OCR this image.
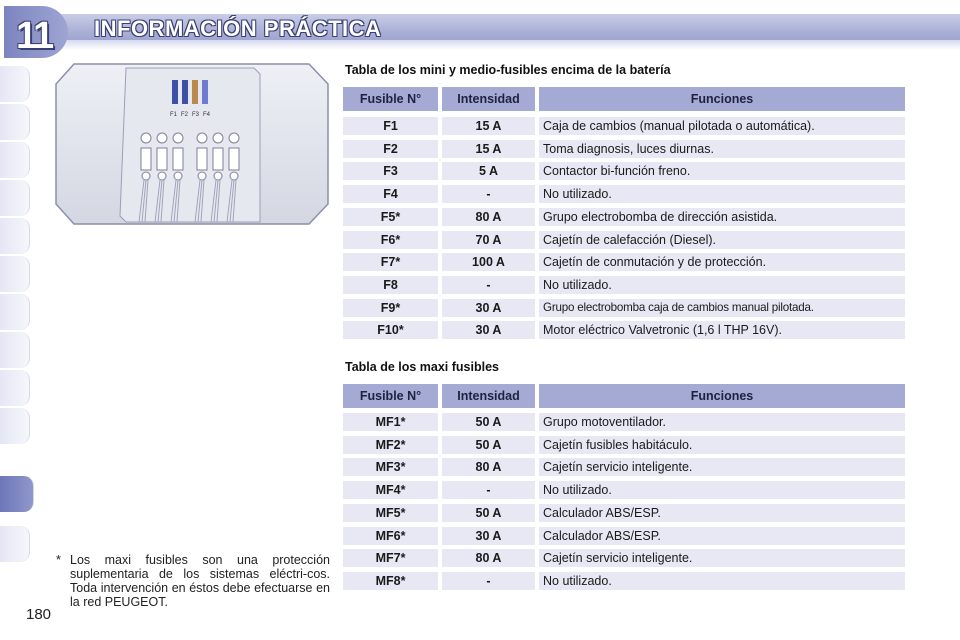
11 INFORMACIÓN PRÁCTICA
F1 F2 F3 F4
Tabla de los mini y medio-fusibles encima de la batería
Fusible N°	Intensidad	Funciones
F1	15 A	Caja de cambios (manual pilotada o automática).
F2	15 A	Toma diagnosis, luces diurnas.
F3	5 A	Contactor bi-función freno.
F4	-	No utilizado.
F5*	80 A	Grupo electrobomba de dirección asistida.
F6*	70 A	Cajetín de calefacción (Diesel).
F7*	100 A	Cajetín de conmutación y de protección.
F8	-	No utilizado.
F9*	30 A	Grupo electrobomba caja de cambios manual pilotada.
F10*	30 A	Motor eléctrico Valvetronic (1,6 l THP 16V).
Tabla de los maxi fusibles
Fusible N°	Intensidad	Funciones
MF1*	50 A	Grupo motoventilador.
MF2*	50 A	Cajetín fusibles habitáculo.
MF3*	80 A	Cajetín servicio inteligente.
MF4*	-	No utilizado.
MF5*	50 A	Calculador ABS/ESP.
MF6*	30 A	Calculador ABS/ESP.
MF7*	80 A	Cajetín servicio inteligente.
MF8*	-	No utilizado.
* Los maxi fusibles son una protección suplementaria de los sistemas eléctri-cos. Toda intervención en éstos debe efectuarse en la red PEUGEOT.
180
